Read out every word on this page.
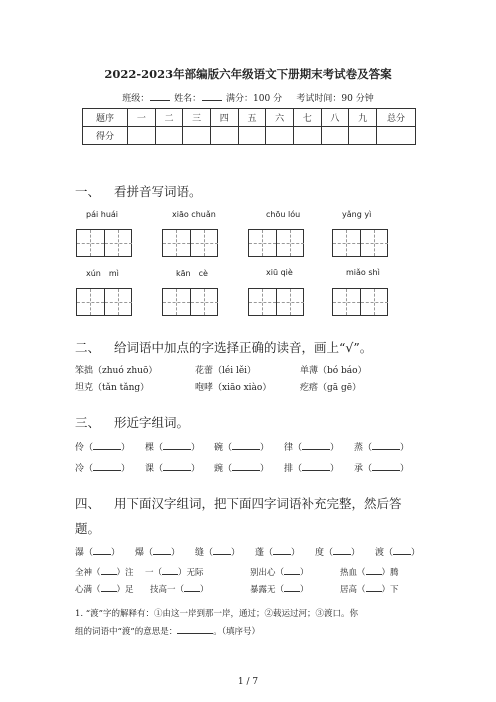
2022-2023年部编版六年级语文下册期末考试卷及答案
班级：	姓名：	满分：100 分 考试时间：90 分钟
题序	一	二	三	四	五	六	七	八	九	总分
得分										
一、 看拼音写词语。
pái huái	xiāo chuǎn	chōu lóu	yǎng yì
xún　mì	kān　cè	xiū qiè	miǎo shì
二、 给词语中加点的字选择正确的读音，画上“√”。
笨拙（zhuó zhuō）	花蕾（léi lěi）	单薄（bó báo）
坦克（tǎn tǎng）	咆哮（xiāo xiào）	疙瘩（gā gē）
三、 形近字组词。
伶（	） 棵（	） 碗（	） 律（	） 蒸（	）
冷（	） 课（	） 豌（	） 排（	） 承（	）
四、 用下面汉字组词，把下面四字词语补充完整，然后答
题。
瀑（ ） 爆（ ） 缝（ ） 蓬（ ） 度（ ） 渡（ ）
全神（ ）注 一（ ）无际	别出心（ ）	热血（ ）腾
心满（ ）足 技高一（ ）	暴露无（ ）	居高（ ）下
1. “渡”字的解释有：①由这一岸到那一岸，通过；②载运过河；③渡口。你
组的词语中“渡”的意思是：	。（填序号）
1 / 7
